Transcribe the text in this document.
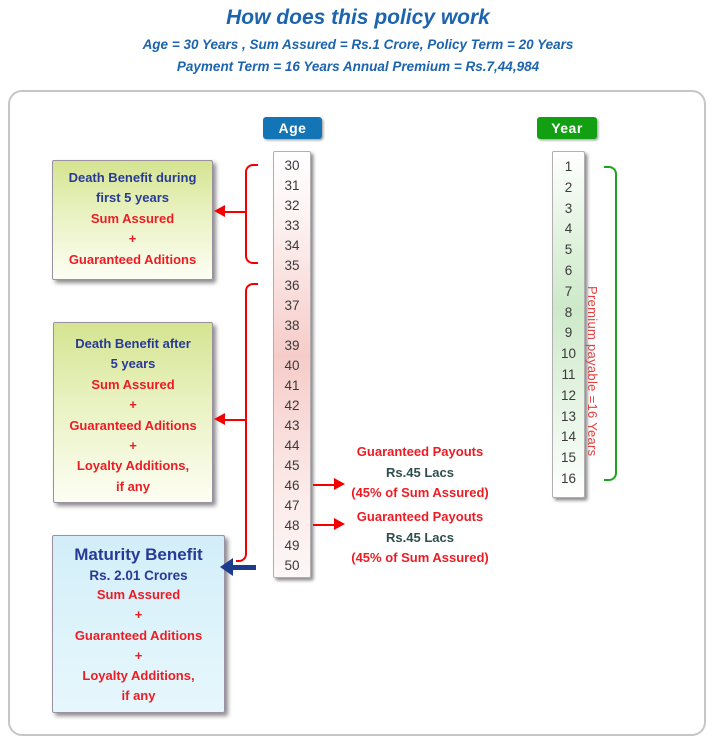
How does this policy work
Age = 30 Years , Sum Assured = Rs.1 Crore, Policy Term = 20 Years
Payment Term = 16 Years Annual Premium = Rs.7,44,984
Age
30
31
32
33
34
35
36
37
38
39
40
41
42
43
44
45
46
47
48
49
50
Year
1
2
3
4
5
6
7
8
9
10
11
12
13
14
15
16
Death Benefit during
first 5 years
Sum Assured
+
Guaranteed Aditions
Death Benefit after
5 years
Sum Assured
+
Guaranteed Aditions
+
Loyalty Additions,
if any
Maturity Benefit
Rs. 2.01 Crores
Sum Assured
+
Guaranteed Aditions
+
Loyalty Additions,
if any
Guaranteed Payouts
Rs.45 Lacs
(45% of Sum Assured)
Guaranteed Payouts
Rs.45 Lacs
(45% of Sum Assured)
Premium payable =16 Years
